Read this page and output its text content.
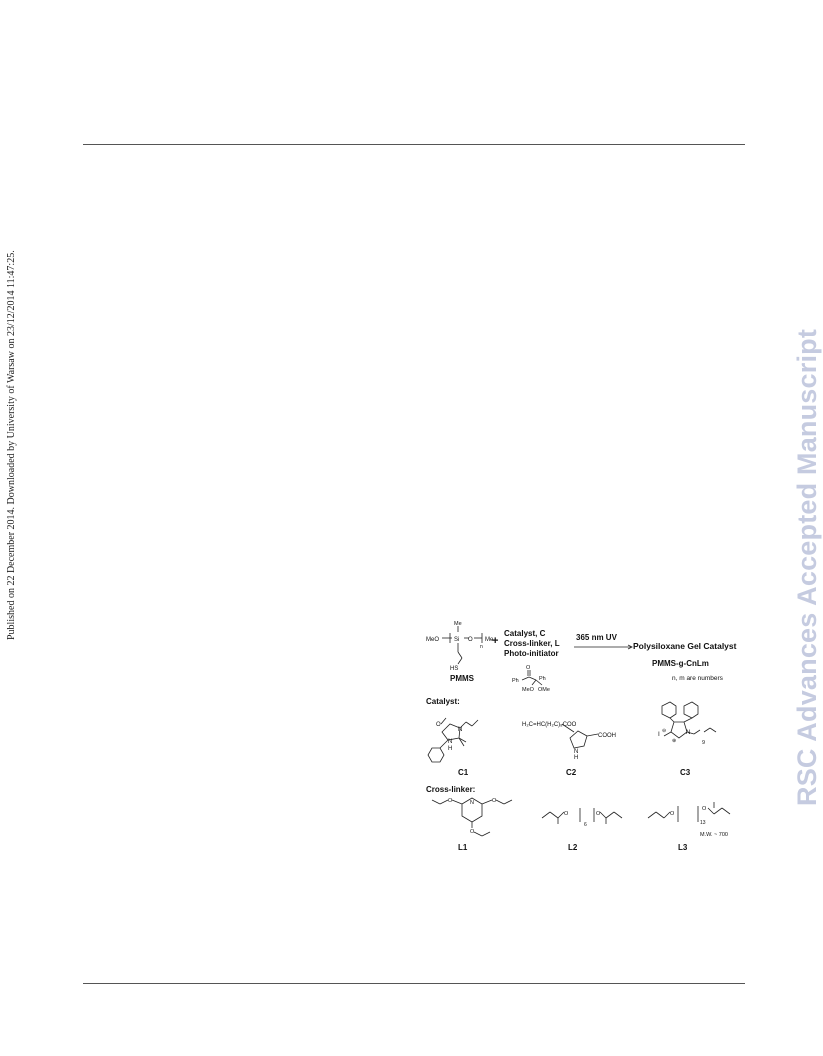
Published on 22 December 2014. Downloaded by University of Warsaw on 23/12/2014 11:47:25.	RSC Advances Accepted Manuscript
MeO Si O
Me
Me
n
HS
PMMS
+
Catalyst, C
Cross-linker, L
Photo-initiator
O
Ph	Ph
MeO OMe
365 nm UV
Polysiloxane Gel Catalyst
PMMS-g-CnLm
n, m are numbers
Catalyst:
O
N
N
H
C1
H₂C=HC(H₂C)₈COO
N
H
COOH
C2
I ⊖	N
⊕	9
C3
Cross-linker:
N
O	O
O
L1
O	O
6
L2
O
O
13
M.W. ~ 700
L3
